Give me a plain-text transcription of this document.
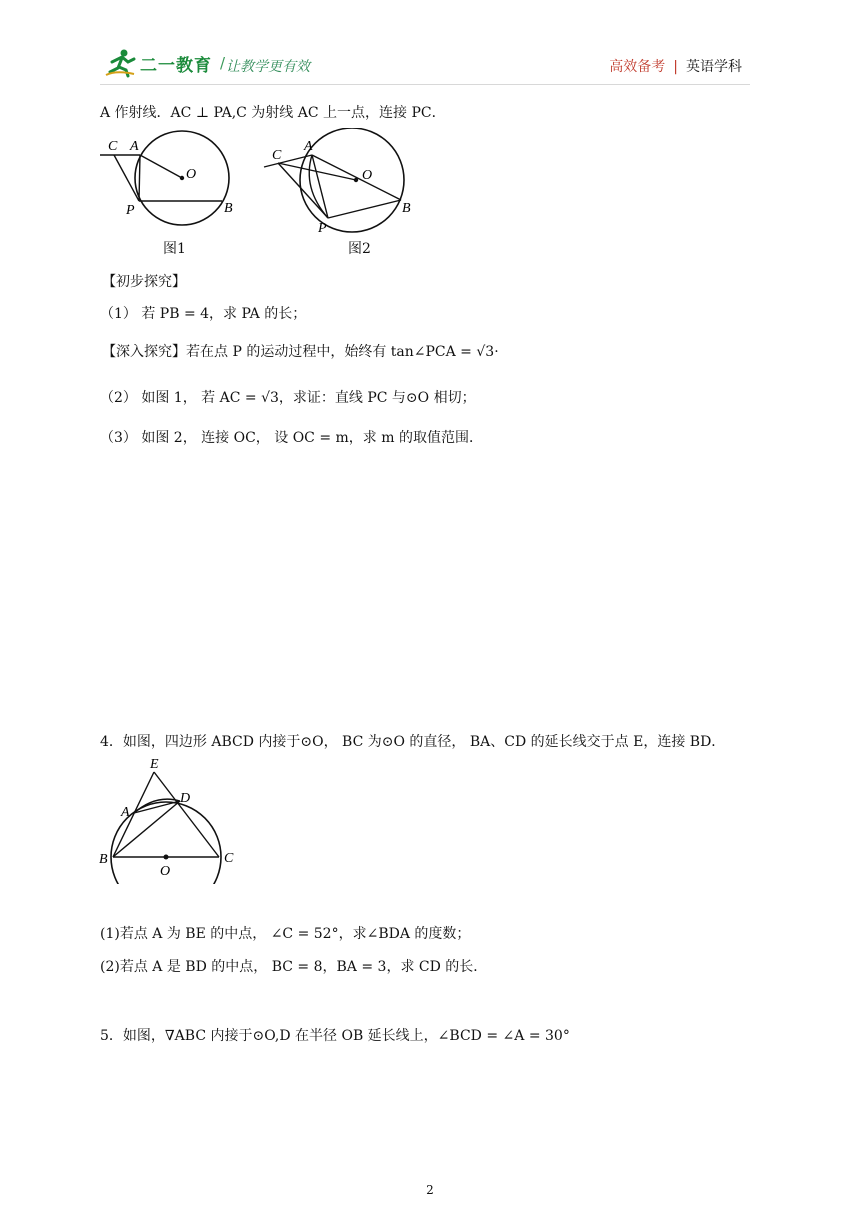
二一教育 / 让教学更有效	高效备考 | 英语学科
A 作射线．AC ⊥ PA,C 为射线 AC 上一点，连接 PC．
C A
O
P	B
图1
C
A
O
P
B
图2
【初步探究】
（1） 若 PB = 4，求 PA 的长；
【深入探究】若在点 P 的运动过程中，始终有 tan∠PCA = √3·
（2） 如图 1， 若 AC = √3，求证：直线 PC 与⊙O 相切；
（3） 如图 2， 连接 OC， 设 OC = m，求 m 的取值范围．
4．如图，四边形 ABCD 内接于⊙O， BC 为⊙O 的直径， BA、CD 的延长线交于点 E，连接 BD．
E
A
D
B	C
O
(1)若点 A 为 BE 的中点， ∠C = 52°，求∠BDA 的度数；
(2)若点 A 是 BD 的中点， BC = 8，BA = 3，求 CD 的长．
5．如图，∇ABC 内接于⊙O,D 在半径 OB 延长线上，∠BCD = ∠A = 30°
2
